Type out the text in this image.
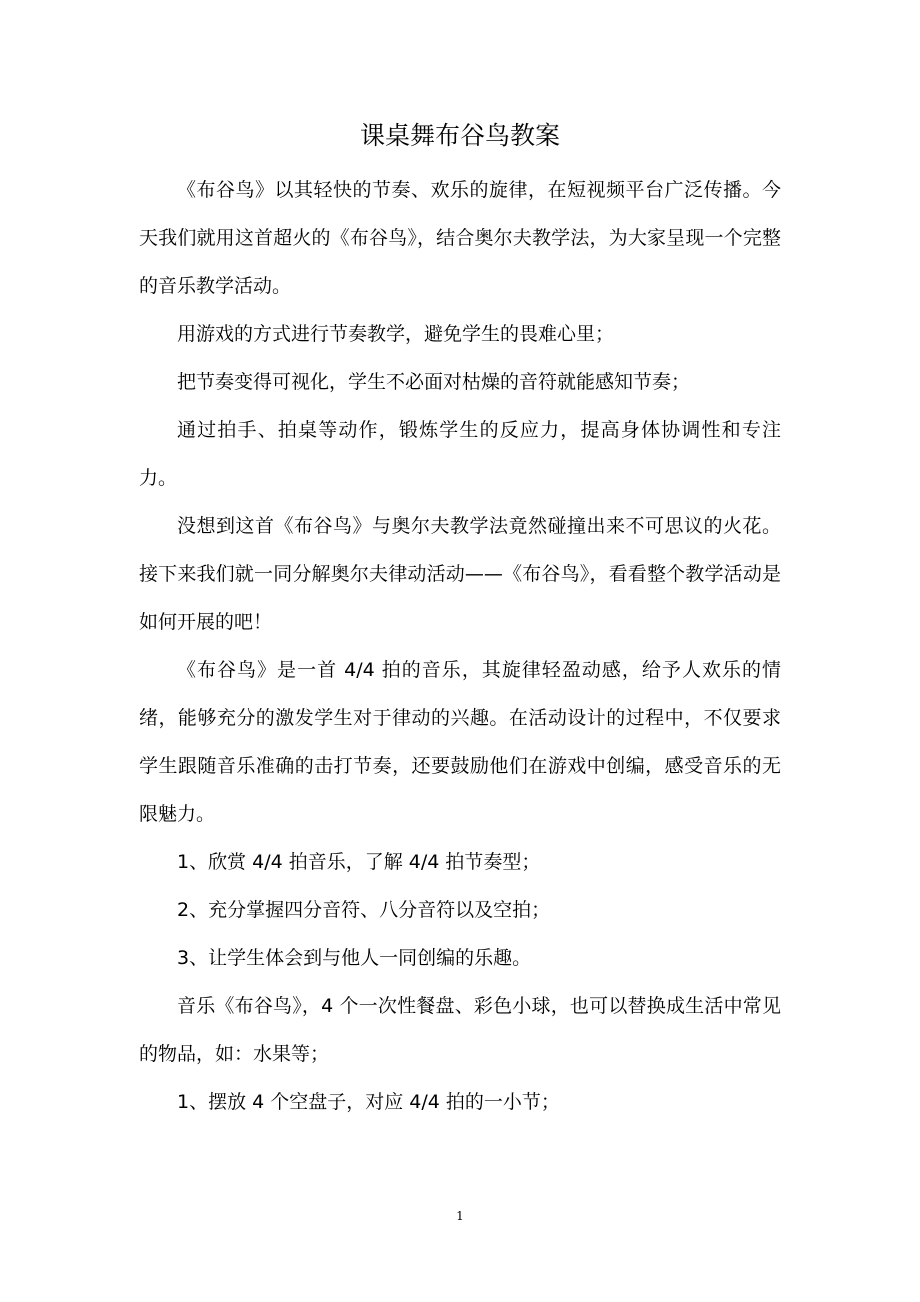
课桌舞布谷鸟教案

《布谷鸟》以其轻快的节奏、欢乐的旋律，在短视频平台广泛传播。今天我们就用这首超火的《布谷鸟》，结合奥尔夫教学法，为大家呈现一个完整的音乐教学活动。

用游戏的方式进行节奏教学，避免学生的畏难心里；

把节奏变得可视化，学生不必面对枯燥的音符就能感知节奏；

通过拍手、拍桌等动作，锻炼学生的反应力，提高身体协调性和专注力。

没想到这首《布谷鸟》与奥尔夫教学法竟然碰撞出来不可思议的火花。接下来我们就一同分解奥尔夫律动活动——《布谷鸟》，看看整个教学活动是如何开展的吧！

《布谷鸟》是一首 4/4 拍的音乐，其旋律轻盈动感，给予人欢乐的情绪，能够充分的激发学生对于律动的兴趣。在活动设计的过程中，不仅要求学生跟随音乐准确的击打节奏，还要鼓励他们在游戏中创编，感受音乐的无限魅力。

1、欣赏 4/4 拍音乐，了解 4/4 拍节奏型；

2、充分掌握四分音符、八分音符以及空拍；

3、让学生体会到与他人一同创编的乐趣。

音乐《布谷鸟》，4 个一次性餐盘、彩色小球，也可以替换成生活中常见的物品，如：水果等；

1、摆放 4 个空盘子，对应 4/4 拍的一小节；

1
